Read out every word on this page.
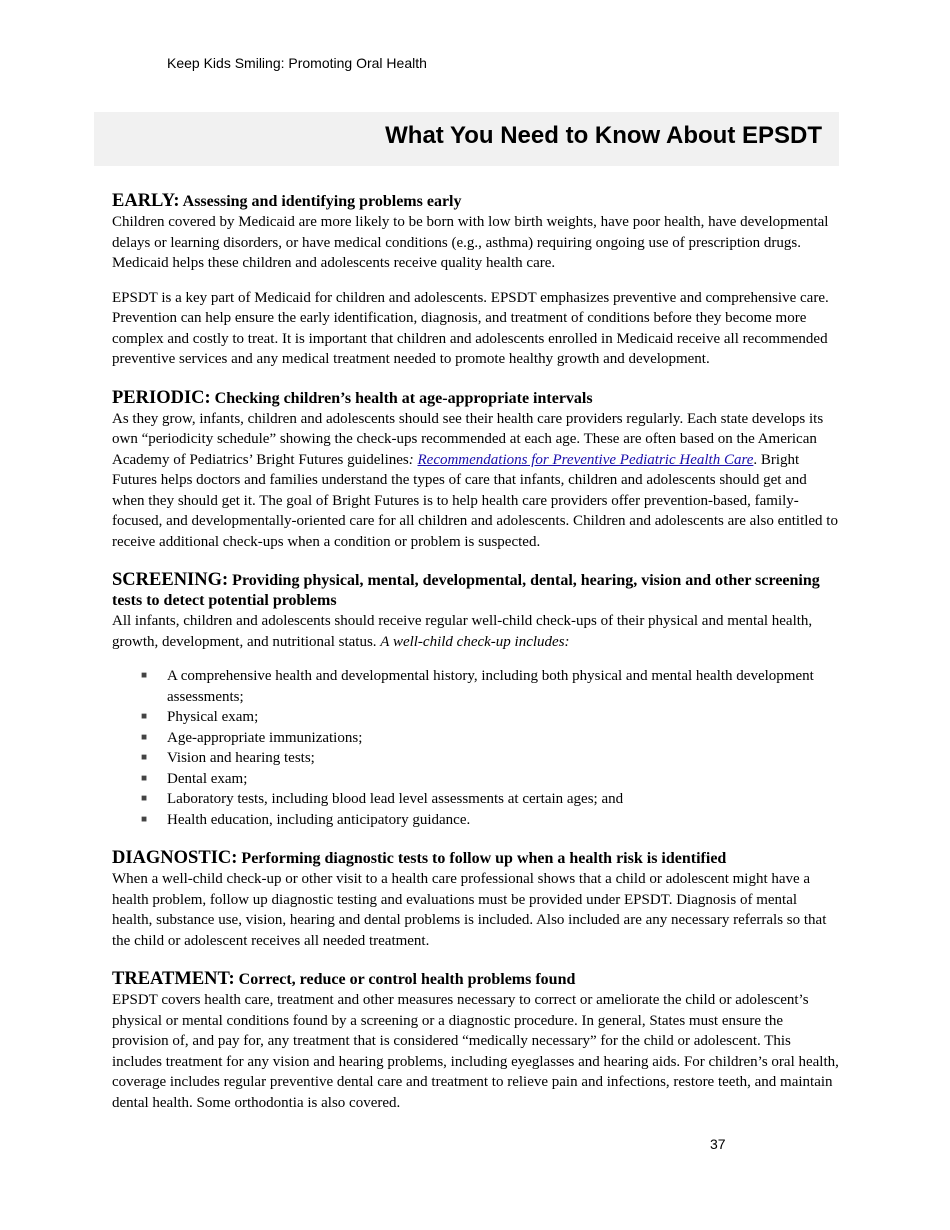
Keep Kids Smiling: Promoting Oral Health
What You Need to Know About EPSDT
EARLY: Assessing and identifying problems early

Children covered by Medicaid are more likely to be born with low birth weights, have poor health, have developmental delays or learning disorders, or have medical conditions (e.g., asthma) requiring ongoing use of prescription drugs. Medicaid helps these children and adolescents receive quality health care.

EPSDT is a key part of Medicaid for children and adolescents. EPSDT emphasizes preventive and comprehensive care. Prevention can help ensure the early identification, diagnosis, and treatment of conditions before they become more complex and costly to treat. It is important that children and adolescents enrolled in Medicaid receive all recommended preventive services and any medical treatment needed to promote healthy growth and development.

PERIODIC: Checking children’s health at age-appropriate intervals

As they grow, infants, children and adolescents should see their health care providers regularly. Each state develops its own “periodicity schedule” showing the check-ups recommended at each age. These are often based on the American Academy of Pediatrics’ Bright Futures guidelines: Recommendations for Preventive Pediatric Health Care. Bright Futures helps doctors and families understand the types of care that infants, children and adolescents should get and when they should get it. The goal of Bright Futures is to help health care providers offer prevention-based, family-focused, and developmentally-oriented care for all children and adolescents. Children and adolescents are also entitled to receive additional check-ups when a condition or problem is suspected.

SCREENING: Providing physical, mental, developmental, dental, hearing, vision and other screening tests to detect potential problems

All infants, children and adolescents should receive regular well-child check-ups of their physical and mental health, growth, development, and nutritional status. A well-child check-up includes:

■ A comprehensive health and developmental history, including both physical and mental health development assessments;
■ Physical exam;
■ Age-appropriate immunizations;
■ Vision and hearing tests;
■ Dental exam;
■ Laboratory tests, including blood lead level assessments at certain ages; and
■ Health education, including anticipatory guidance.
DIAGNOSTIC: Performing diagnostic tests to follow up when a health risk is identified

When a well-child check-up or other visit to a health care professional shows that a child or adolescent might have a health problem, follow up diagnostic testing and evaluations must be provided under EPSDT. Diagnosis of mental health, substance use, vision, hearing and dental problems is included. Also included are any necessary referrals so that the child or adolescent receives all needed treatment.

TREATMENT: Correct, reduce or control health problems found

EPSDT covers health care, treatment and other measures necessary to correct or ameliorate the child or adolescent’s physical or mental conditions found by a screening or a diagnostic procedure. In general, States must ensure the provision of, and pay for, any treatment that is considered “medically necessary” for the child or adolescent. This includes treatment for any vision and hearing problems, including eyeglasses and hearing aids. For children’s oral health, coverage includes regular preventive dental care and treatment to relieve pain and infections, restore teeth, and maintain dental health. Some orthodontia is also covered.

37
